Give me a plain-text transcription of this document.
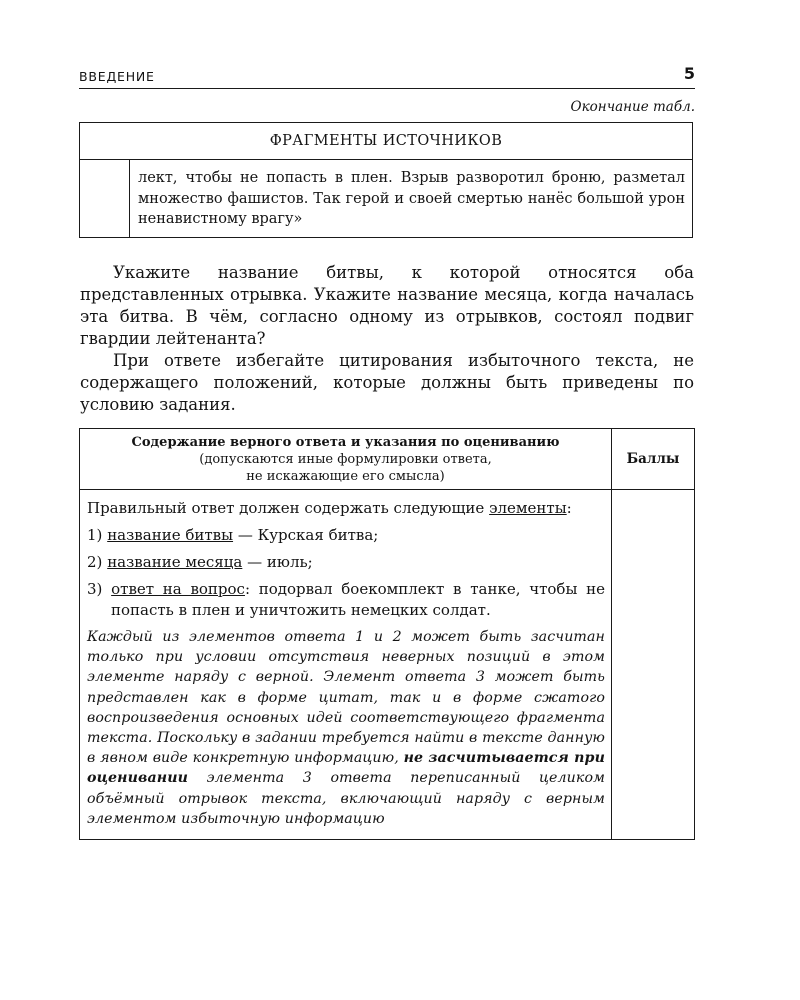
ВВЕДЕНИЕ	5
Окончание табл.
ФРАГМЕНТЫ ИСТОЧНИКОВ
	лект, чтобы не попасть в плен. Взрыв разворотил броню, разметал множество фашистов. Так герой и своей смертью нанёс большой урон ненавистному врагу»

Укажите название битвы, к которой относятся оба представленных отрывка. Укажите название месяца, когда началась эта битва. В чём, согласно одному из отрывков, состоял подвиг гвардии лейтенанта?

При ответе избегайте цитирования избыточного текста, не содержащего положений, которые должны быть приведены по условию задания.

Содержание верного ответа и указания по оцениванию
(допускаются иные формулировки ответа,
не искажающие его смысла)	Баллы

Правильный ответ должен содержать следующие элементы:

1) название битвы — Курская битва;

2) название месяца — июль;

3) ответ на вопрос: подорвал боекомплект в танке, чтобы не попасть в плен и уничтожить немецких солдат.

Каждый из элементов ответа 1 и 2 может быть засчитан только при условии отсутствия неверных позиций в этом элементе наряду с верной. Элемент ответа 3 может быть представлен как в форме цитат, так и в форме сжатого воспроизведения основных идей соответствующего фрагмента текста. Поскольку в задании требуется найти в тексте данную в явном виде конкретную информацию, не засчитывается при оценивании элемента 3 ответа переписанный целиком объёмный отрывок текста, включающий наряду с верным элементом избыточную информацию	
